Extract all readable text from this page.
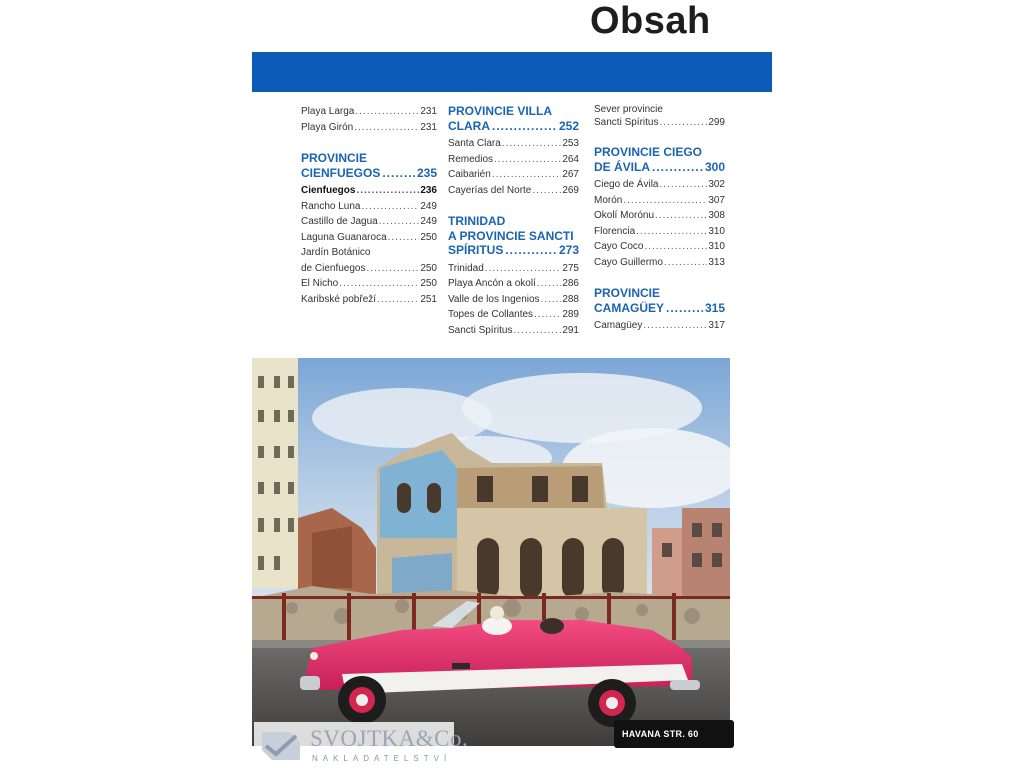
Obsah
Playa Larga .....	231
Playa Girón .....	231
PROVINCIE
CIENFUEGOS .....	235
Cienfuegos .....	236
Rancho Luna .....	249
Castillo de Jagua .....	249
Laguna Guanaroca .....	250
Jardín Botánico
de Cienfuegos .....	250
El Nicho .....	250
Karibské pobřeží .....	251
PROVINCIE VILLA
CLARA .....	252
Santa Clara .....	253
Remedios .....	264
Caibarién .....	267
Cayerías del Norte .....	269
TRINIDAD
A PROVINCIE SANCTI
SPÍRITUS .....	273
Trinidad .....	275
Playa Ancón a okolí .....	286
Valle de los Ingenios ..... 288
Topes de Collantes .....	289
Sancti Spíritus .....	291
Sever provincie
Sancti Spíritus .....	299
PROVINCIE CIEGO
DE ÁVILA .....	300
Ciego de Ávila .....	302
Morón .....	307
Okolí Morónu .....	308
Florencia .....	310
Cayo Coco .....	310
Cayo Guillermo .....	313
PROVINCIE
CAMAGÜEY .....	315
Camagüey .....	317
HAVANA STR. 60
SVOJTKA&Co.
NAKLADATELSTVÍ
